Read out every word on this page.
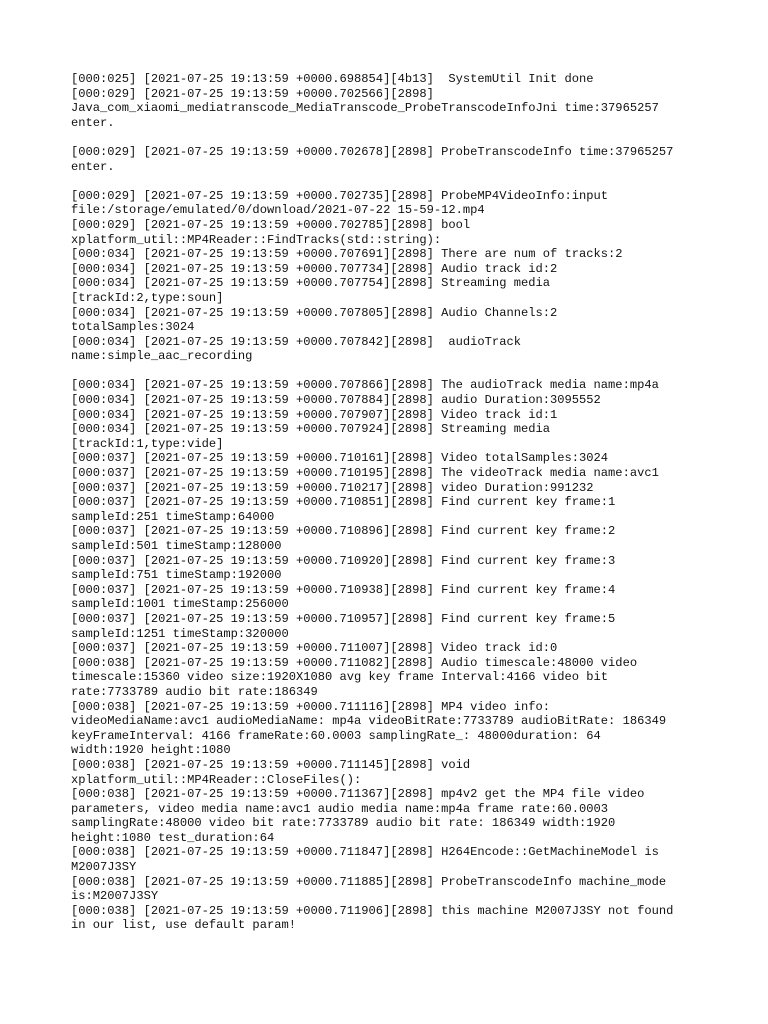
[000:025] [2021-07-25 19:13:59 +0000.698854][4b13]  SystemUtil Init done
[000:029] [2021-07-25 19:13:59 +0000.702566][2898]
Java_com_xiaomi_mediatranscode_MediaTranscode_ProbeTranscodeInfoJni time:37965257
enter.
[000:029] [2021-07-25 19:13:59 +0000.702678][2898] ProbeTranscodeInfo time:37965257
enter.
[000:029] [2021-07-25 19:13:59 +0000.702735][2898] ProbeMP4VideoInfo:input
file:/storage/emulated/0/download/2021-07-22 15-59-12.mp4
[000:029] [2021-07-25 19:13:59 +0000.702785][2898] bool
xplatform_util::MP4Reader::FindTracks(std::string):
[000:034] [2021-07-25 19:13:59 +0000.707691][2898] There are num of tracks:2
[000:034] [2021-07-25 19:13:59 +0000.707734][2898] Audio track id:2
[000:034] [2021-07-25 19:13:59 +0000.707754][2898] Streaming media
[trackId:2,type:soun]
[000:034] [2021-07-25 19:13:59 +0000.707805][2898] Audio Channels:2
totalSamples:3024
[000:034] [2021-07-25 19:13:59 +0000.707842][2898]  audioTrack
name:simple_aac_recording
[000:034] [2021-07-25 19:13:59 +0000.707866][2898] The audioTrack media name:mp4a
[000:034] [2021-07-25 19:13:59 +0000.707884][2898] audio Duration:3095552
[000:034] [2021-07-25 19:13:59 +0000.707907][2898] Video track id:1
[000:034] [2021-07-25 19:13:59 +0000.707924][2898] Streaming media
[trackId:1,type:vide]
[000:037] [2021-07-25 19:13:59 +0000.710161][2898] Video totalSamples:3024
[000:037] [2021-07-25 19:13:59 +0000.710195][2898] The videoTrack media name:avc1
[000:037] [2021-07-25 19:13:59 +0000.710217][2898] video Duration:991232
[000:037] [2021-07-25 19:13:59 +0000.710851][2898] Find current key frame:1
sampleId:251 timeStamp:64000
[000:037] [2021-07-25 19:13:59 +0000.710896][2898] Find current key frame:2
sampleId:501 timeStamp:128000
[000:037] [2021-07-25 19:13:59 +0000.710920][2898] Find current key frame:3
sampleId:751 timeStamp:192000
[000:037] [2021-07-25 19:13:59 +0000.710938][2898] Find current key frame:4
sampleId:1001 timeStamp:256000
[000:037] [2021-07-25 19:13:59 +0000.710957][2898] Find current key frame:5
sampleId:1251 timeStamp:320000
[000:037] [2021-07-25 19:13:59 +0000.711007][2898] Video track id:0
[000:038] [2021-07-25 19:13:59 +0000.711082][2898] Audio timescale:48000 video
timescale:15360 video size:1920X1080 avg key frame Interval:4166 video bit
rate:7733789 audio bit rate:186349
[000:038] [2021-07-25 19:13:59 +0000.711116][2898] MP4 video info:
videoMediaName:avc1 audioMediaName: mp4a videoBitRate:7733789 audioBitRate: 186349
keyFrameInterval: 4166 frameRate:60.0003 samplingRate_: 48000duration: 64
width:1920 height:1080
[000:038] [2021-07-25 19:13:59 +0000.711145][2898] void
xplatform_util::MP4Reader::CloseFiles():
[000:038] [2021-07-25 19:13:59 +0000.711367][2898] mp4v2 get the MP4 file video
parameters, video media name:avc1 audio media name:mp4a frame rate:60.0003
samplingRate:48000 video bit rate:7733789 audio bit rate: 186349 width:1920
height:1080 test_duration:64
[000:038] [2021-07-25 19:13:59 +0000.711847][2898] H264Encode::GetMachineModel is
M2007J3SY
[000:038] [2021-07-25 19:13:59 +0000.711885][2898] ProbeTranscodeInfo machine_mode
is:M2007J3SY
[000:038] [2021-07-25 19:13:59 +0000.711906][2898] this machine M2007J3SY not found
in our list, use default param!
